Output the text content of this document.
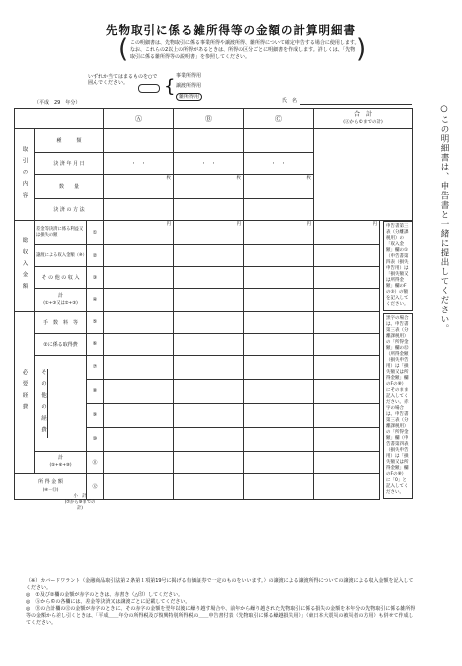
先物取引に係る雑所得等の金額の計算明細書
( この明細書は、先物取引に係る事業所得や譲渡所得、雑所得について確定申告する場合に使用します。なお、これらの2以上の所得があるときは、所得の区分ごとに明細書を作成します。詳しくは、「先物取引に係る雑所得等の説明書」を参照してください。	)
いずれか当てはまるものを○で囲んでください。	{ 事業所得用
譲渡所得用
雑所得用
（平成　29　年分）	氏　名
			Ⓐ	Ⓑ	Ⓒ	合　計
(Ⓐから©までの計)	
取引の内容	種　　　類						
	決 済 年 月 日		・　・	・　・	・　・		
	数　　量		枚	枚	枚		
	決 済 の 方 法						
総収入金額	差金等決済に係る利益又は損失の額	①	円	円	円	円	申告書第三表（分離課税用）の「収入金額」欄の①（申告書第四表（損失申告用）は「損失額又は所得金額」欄のF の⑤）の額を記入してください。

	譲渡による収入金額（※）	②					
	そ の 他 の 収 入	③					
	計
(①+③又は②+③)	④					
必要経費	手　数　料　等	⑤					黒字の場合は、申告書第三表（分離課税用）の「所得金額」欄の㉜（所得金額（損失申告用）は「損失額又は所得金額」欄のFの⑧）にそのまま記入してください。赤字の場合は、申告書第三表（分離課税用）の「所得金額」欄（申告書第四表（損失申告用）は「損失額又は所得金額」欄のFの⑧）に「0」と記入してください。

	②に係る取得費	⑥					

	その他の経費	⑦					
		⑧					
		⑨					
		⑩					
	計
(⑤+⑥+⑩)	⑪					
所 得 金 額
(④－⑪)		⑫					
小　計
(⑦から⑨までの計)
○この明細書は、申告書と一緒に提出してください。
（※）カバードワラント（金融商品取引法第２条第１項第19号に掲げる有価証券で一定のものをいいます。）の譲渡による譲渡所得についての譲渡による収入金額を記入してください。
◎　①及び②欄の金額が赤字のときは、赤書き（△印）してください。
◎　Ⓐから©の各欄には、差金等決済又は譲渡ごとに記載してください。
◎　Ⓡの合計欄の⑫の金額が赤字のときに、その赤字の金額を翌年以後に繰り越す場合や、前年から繰り越された先物取引に係る損失の金額を本年分の先物取引に係る雑所得等の金額から差し引くときは、「平成＿＿年分の所得税及び復興特別所得税の＿＿申告書付表（先物取引に係る繰越損失用）」（東日本大震災の被災者の方用）も併せて作成してください。
